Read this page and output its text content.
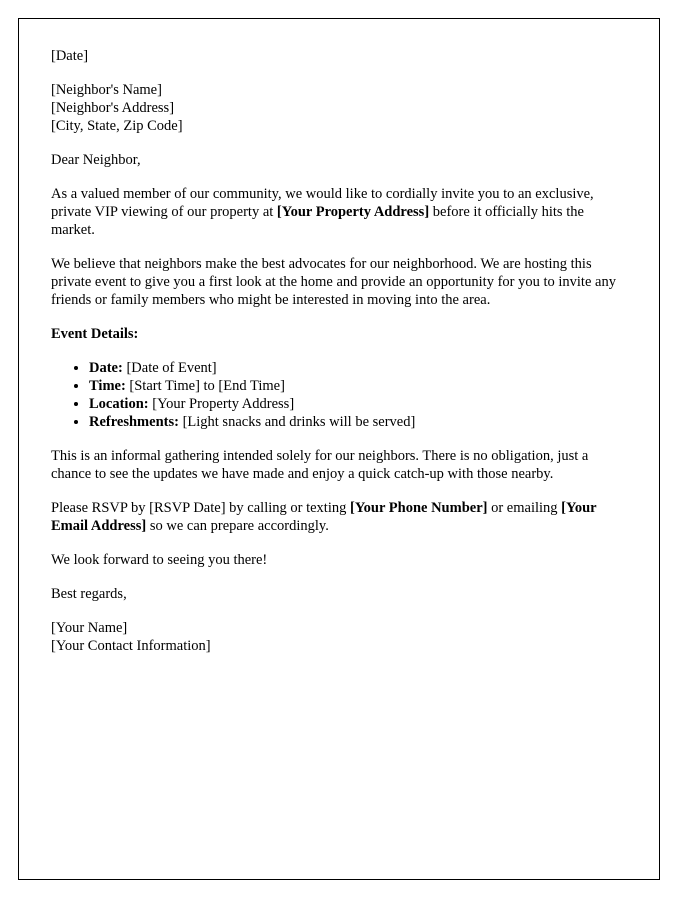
[Date]

[Neighbor's Name]

[Neighbor's Address]

[City, State, Zip Code]

Dear Neighbor,

As a valued member of our community, we would like to cordially invite you to an exclusive, private VIP viewing of our property at [Your Property Address] before it officially hits the market.

We believe that neighbors make the best advocates for our neighborhood. We are hosting this private event to give you a first look at the home and provide an opportunity for you to invite any friends or family members who might be interested in moving into the area.

Event Details:

• Date: [Date of Event]
• Time: [Start Time] to [End Time]
• Location: [Your Property Address]
• Refreshments: [Light snacks and drinks will be served]

This is an informal gathering intended solely for our neighbors. There is no obligation, just a chance to see the updates we have made and enjoy a quick catch-up with those nearby.

Please RSVP by [RSVP Date] by calling or texting [Your Phone Number] or emailing [Your Email Address] so we can prepare accordingly.

We look forward to seeing you there!

Best regards,

[Your Name]

[Your Contact Information]
